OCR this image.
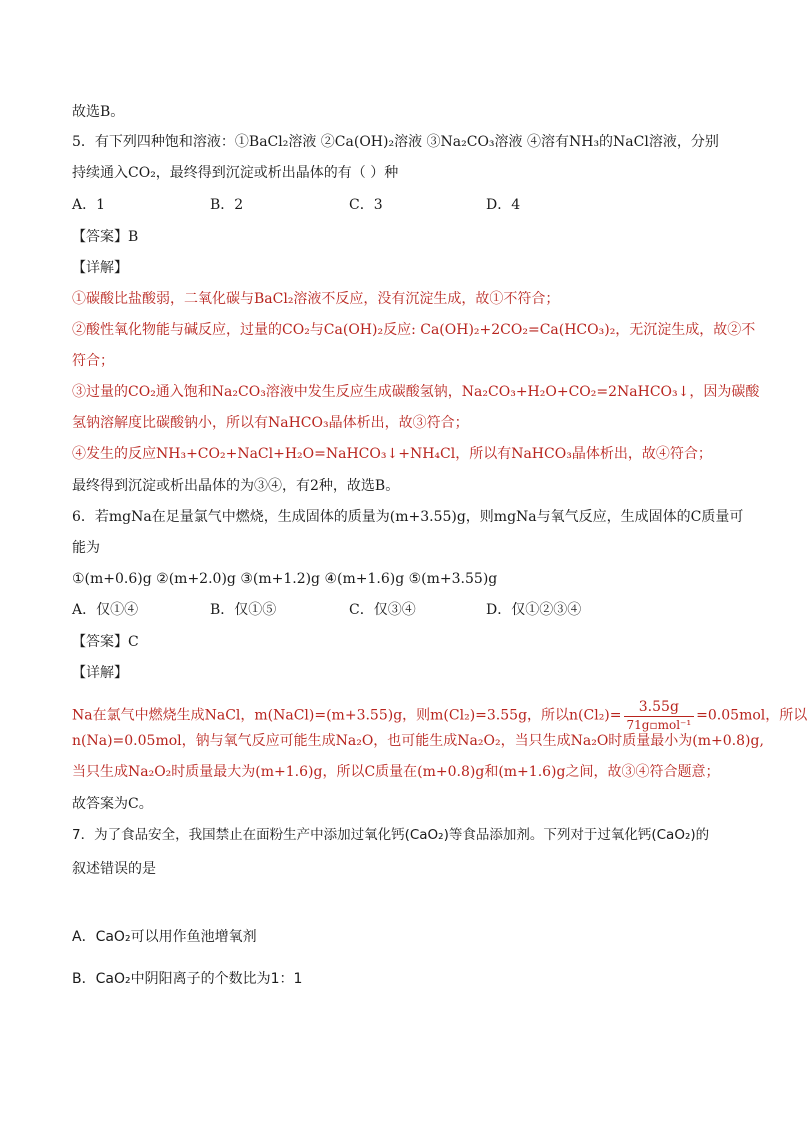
故选B。
5．有下列四种饱和溶液：①BaCl₂溶液 ②Ca(OH)₂溶液 ③Na₂CO₃溶液 ④溶有NH₃的NaCl溶液，分别
持续通入CO₂，最终得到沉淀或析出晶体的有（ ）种
A．1	B．2	C．3	D．4
【答案】B
【详解】
①碳酸比盐酸弱，二氧化碳与BaCl₂溶液不反应，没有沉淀生成，故①不符合；
②酸性氧化物能与碱反应，过量的CO₂与Ca(OH)₂反应: Ca(OH)₂+2CO₂=Ca(HCO₃)₂，无沉淀生成，故②不
符合；
③过量的CO₂通入饱和Na₂CO₃溶液中发生反应生成碳酸氢钠，Na₂CO₃+H₂O+CO₂=2NaHCO₃↓，因为碳酸
氢钠溶解度比碳酸钠小，所以有NaHCO₃晶体析出，故③符合；
④发生的反应NH₃+CO₂+NaCl+H₂O=NaHCO₃↓+NH₄Cl，所以有NaHCO₃晶体析出，故④符合；
最终得到沉淀或析出晶体的为③④，有2种，故选B。
6．若mgNa在足量氯气中燃烧，生成固体的质量为(m+3.55)g，则mgNa与氧气反应，生成固体的C质量可
能为
①(m+0.6)g ②(m+2.0)g ③(m+1.2)g ④(m+1.6)g ⑤(m+3.55)g
A．仅①④	B．仅①⑤	C．仅③④	D．仅①②③④
【答案】C
【详解】
Na在氯气中燃烧生成NaCl，m(NaCl)=(m+3.55)g，则m(Cl₂)=3.55g，所以$n(Cl_2)= \frac{3.55g}{\text{71g▫mol⁻¹}} =0.05mol$，所以
n(Na)=0.05mol，钠与氧气反应可能生成Na₂O，也可能生成Na₂O₂，当只生成Na₂O时质量最小为(m+0.8)g,
当只生成Na₂O₂时质量最大为(m+1.6)g，所以C质量在(m+0.8)g和(m+1.6)g之间，故③④符合题意；
故答案为C。
7．为了食品安全，我国禁止在面粉生产中添加过氧化钙(CaO₂)等食品添加剂。下列对于过氧化钙(CaO₂)的
叙述错误的是
A．CaO₂可以用作鱼池增氧剂
B．CaO₂中阴阳离子的个数比为1：1
